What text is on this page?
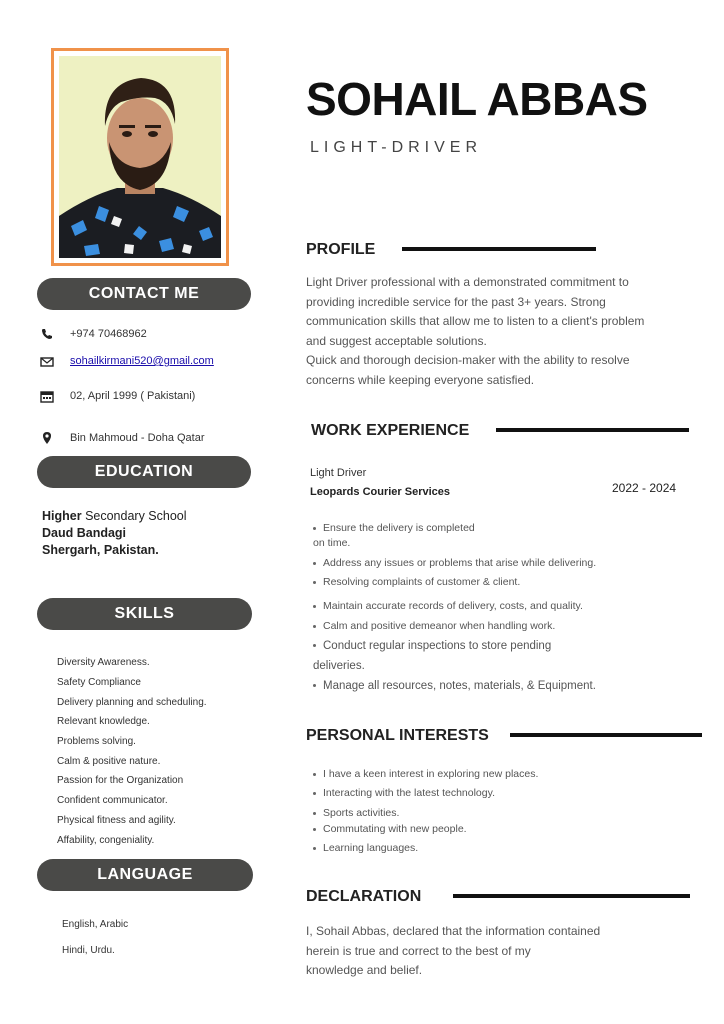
CONTACT ME
+974 70468962
sohailkirmani520@gmail.com
02, April 1999 ( Pakistani)
Bin Mahmoud - Doha Qatar
EDUCATION
Higher Secondary School
Daud Bandagi
Shergarh, Pakistan.
SKILLS
Diversity Awareness.
Safety Compliance
Delivery planning and scheduling.
Relevant knowledge.
Problems solving.
Calm & positive nature.
Passion for the Organization
Confident communicator.
Physical fitness and agility.
Affability, congeniality.
LANGUAGE
English, Arabic
Hindi, Urdu.
SOHAIL ABBAS
LIGHT-DRIVER
PROFILE
Light Driver professional with a demonstrated commitment to
providing incredible service for the past 3+ years. Strong
communication skills that allow me to listen to a client's problem
and suggest acceptable solutions.
Quick and thorough decision-maker with the ability to resolve
concerns while keeping everyone satisfied.
WORK EXPERIENCE
Light Driver
Leopards Courier Services	2022 - 2024
Ensure the delivery is completed
on time.
Address any issues or problems that arise while delivering.
Resolving complaints of customer & client.
Maintain accurate records of delivery, costs, and quality.
Calm and positive demeanor when handling work.
Conduct regular inspections to store pending
deliveries.
Manage all resources, notes, materials, & Equipment.
PERSONAL INTERESTS
I have a keen interest in exploring new places.
Interacting with the latest technology.
Sports activities.
Commutating with new people.
Learning languages.
DECLARATION
I, Sohail Abbas, declared that the information contained
herein is true and correct to the best of my
knowledge and belief.
